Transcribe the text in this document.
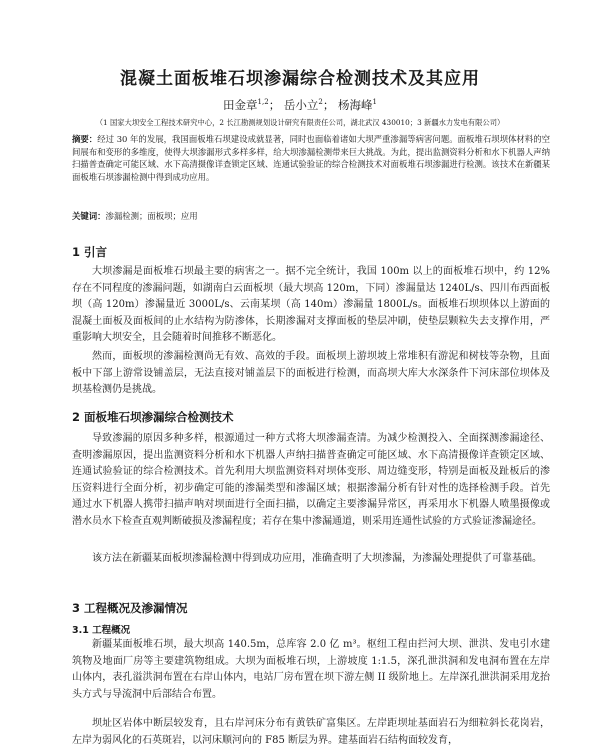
混凝土面板堆石坝渗漏综合检测技术及其应用
田金章$^{1,2}$； 岳小立$^2$； 杨海峰$^1$
（1 国家大坝安全工程技术研究中心，2 长江勘测规划设计研究有限责任公司，湖北武汉 430010；3 新疆水力发电有限公司）
摘要：经过 30 年的发展，我国面板堆石坝建设成就显著，同时也面临着诸如大坝严重渗漏等病害问题。面板堆石坝坝体材料的空间展布和变形的多维度，使得大坝渗漏形式多样多样，给大坝渗漏检测带来巨大挑战。为此，提出监测资料分析和水下机器人声纳扫描普查确定可能区域、水下高清摄像详查锁定区域、连通试验验证的综合检测技术对面板堆石坝渗漏进行检测。该技术在新疆某面板堆石坝渗漏检测中得到成功应用。
关键词：渗漏检测；面板坝；应用
1 引言

大坝渗漏是面板堆石坝最主要的病害之一。据不完全统计，我国 100m 以上的面板堆石坝中，约 12%存在不同程度的渗漏问题，如湖南白云面板坝（最大坝高 120m，下同）渗漏量达 1240L/s、四川布西面板坝（高 120m）渗漏量近 3000L/s、云南某坝（高 140m）渗漏量 1800L/s。面板堆石坝坝体以上游面的混凝土面板及面板间的止水结构为防渗体，长期渗漏对支撑面板的垫层冲刷，使垫层颗粒失去支撑作用，严重影响大坝安全，且会随着时间推移不断恶化。

然而，面板坝的渗漏检测尚无有效、高效的手段。面板坝上游坝坡上常堆积有游泥和树枝等杂物，且面板中下部上游常设铺盖层，无法直接对铺盖层下的面板进行检测，而高坝大库大水深条件下河床部位坝体及坝基检测仍是挑战。

2 面板堆石坝渗漏综合检测技术

导致渗漏的原因多种多样，根源通过一种方式将大坝渗漏查清。为减少检测投入、全面探测渗漏途径、查明渗漏原因，提出监测资料分析和水下机器人声纳扫描普查确定可能区域、水下高清摄像详查锁定区域、连通试验验证的综合检测技术。首先利用大坝监测资料对坝体变形、周边缝变形，特别是面板及趾板后的渗压资料进行全面分析，初步确定可能的渗漏类型和渗漏区域；根据渗漏分析有针对性的选择检测手段。首先通过水下机器人携带扫描声呐对坝面进行全面扫描，以确定主要渗漏异常区，再采用水下机器人喷墨摄像或潜水员水下检查直观判断破损及渗漏程度；若存在集中渗漏通道，则采用连通性试验的方式验证渗漏途径。

该方法在新疆某面板坝渗漏检测中得到成功应用，准确查明了大坝渗漏，为渗漏处理提供了可靠基础。

3 工程概况及渗漏情况
3.1 工程概况

新疆某面板堆石坝，最大坝高 140.5m，总库容 2.0 亿 m³。枢纽工程由拦河大坝、泄洪、发电引水建筑物及地面厂房等主要建筑物组成。大坝为面板堆石坝，上游坡度 1:1.5，深孔泄洪洞和发电洞布置在左岸山体内，表孔溢洪洞布置在右岸山体内，电站厂房布置在坝下游左侧 II 级阶地上。左岸深孔泄洪洞采用龙抬头方式与导流洞中后部结合布置。

坝址区岩体中断层较发育，且右岸河床分布有黄铁矿富集区。左岸距坝址基面岩石为细粒斜长花岗岩，左岸为弱风化的石英斑岩，以河床顺河向的 F85 断层为界。建基面岩石结构面较发育，
